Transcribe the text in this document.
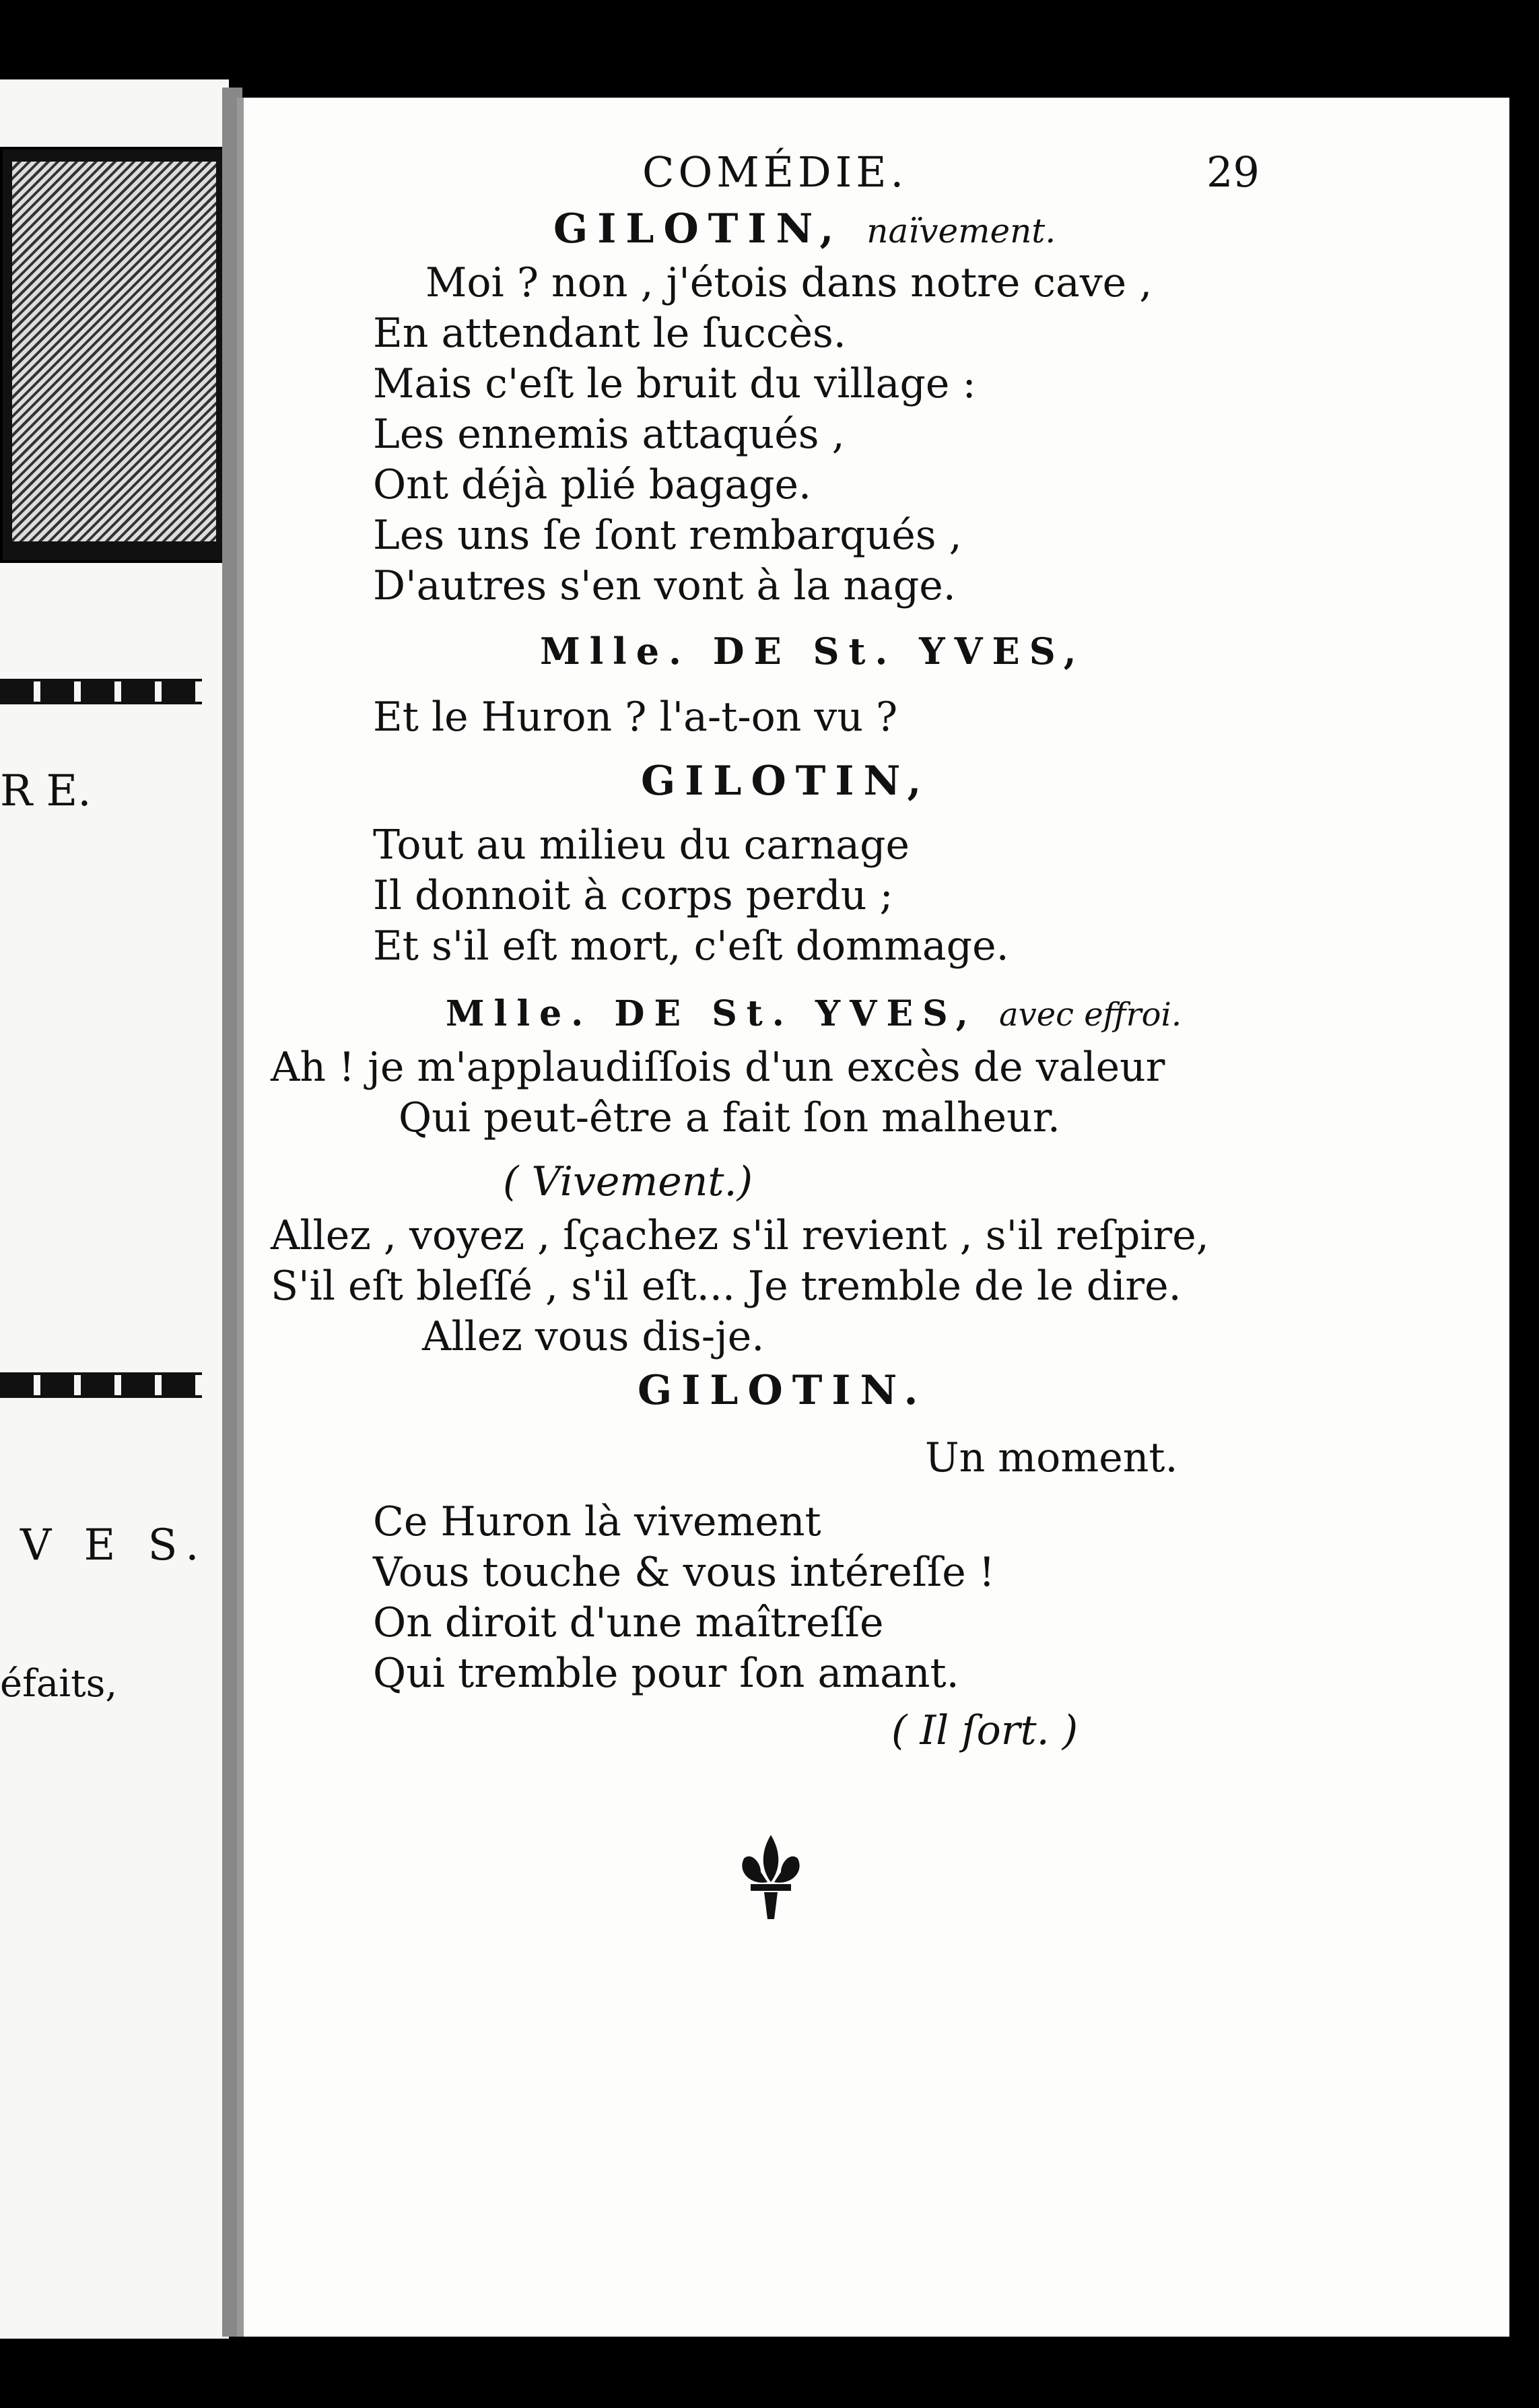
R E.
V E S.
éfaits,
COMÉDIE.	29
GILOTIN, naïvement.
Moi ? non , j'étois dans notre cave ,
En attendant le ſuccès.
Mais c'eſt le bruit du village :
Les ennemis attaqués ,
Ont déjà plié bagage.
Les uns ſe ſont rembarqués ,
D'autres s'en vont à la nage.
Mlle. DE St. YVES,
Et le Huron ? l'a-t-on vu ?
GILOTIN,
Tout au milieu du carnage
Il donnoit à corps perdu ;
Et s'il eſt mort, c'eſt dommage.
Mlle. DE St. YVES, avec effroi.
Ah ! je m'applaudiſſois d'un excès de valeur
Qui peut-être a fait ſon malheur.
( Vivement.)
Allez , voyez , ſçachez s'il revient , s'il reſpire,
S'il eſt bleſſé , s'il eſt... Je tremble de le dire.
Allez vous dis-je.
GILOTIN.
Un moment.
Ce Huron là vivement
Vous touche & vous intéreſſe !
On diroit d'une maîtreſſe
Qui tremble pour ſon amant.
( Il ſort. )
